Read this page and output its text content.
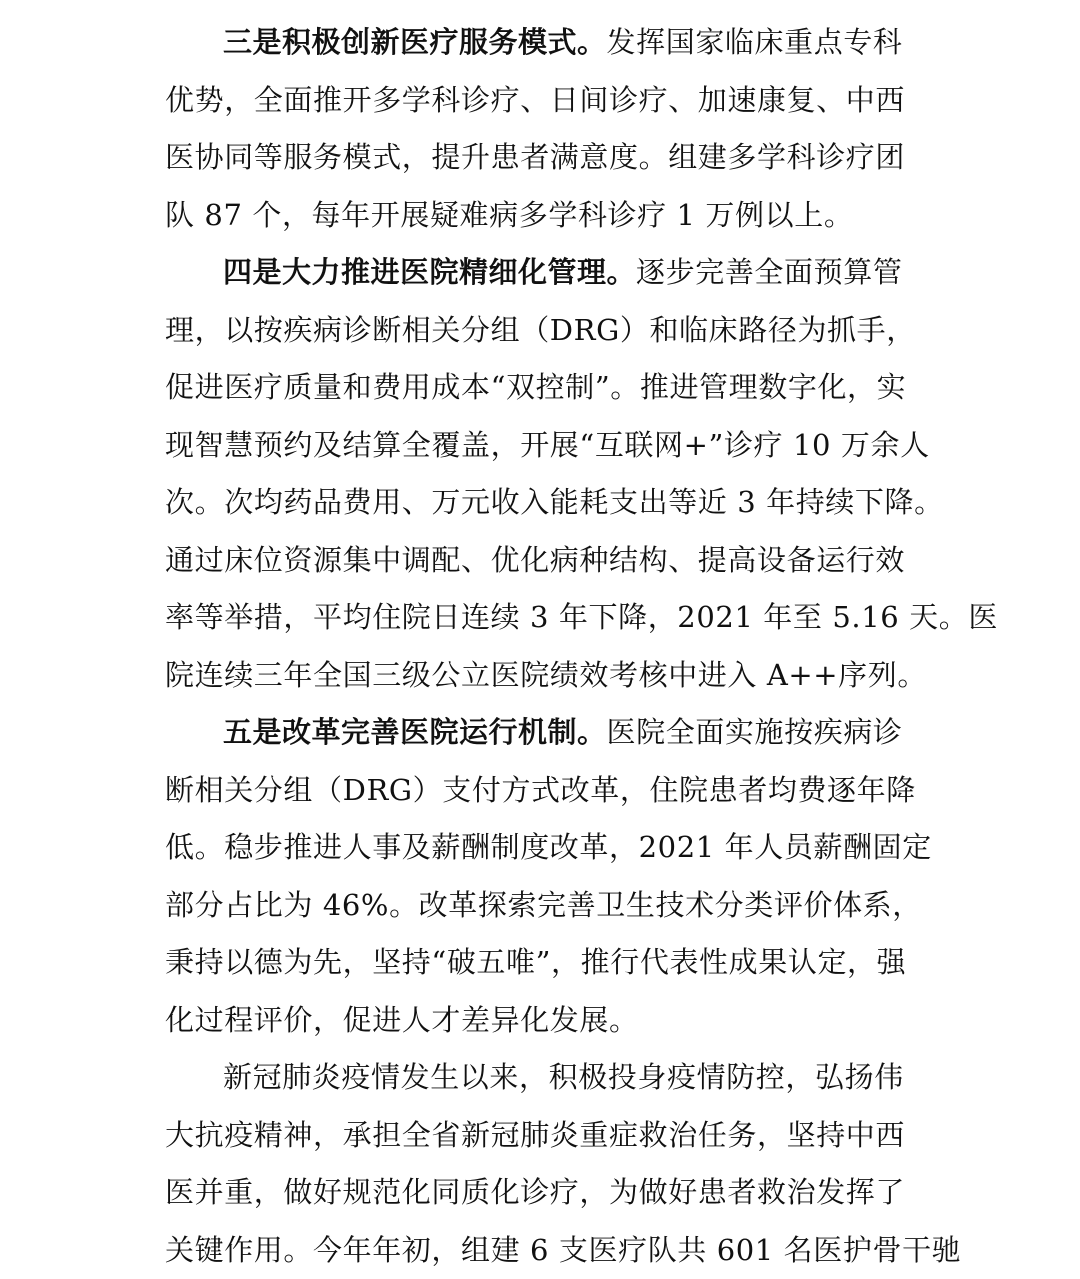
三是积极创新医疗服务模式。发挥国家临床重点专科
优势，全面推开多学科诊疗、日间诊疗、加速康复、中西
医协同等服务模式，提升患者满意度。组建多学科诊疗团
队 87 个，每年开展疑难病多学科诊疗 1 万例以上。
四是大力推进医院精细化管理。逐步完善全面预算管
理，以按疾病诊断相关分组（DRG）和临床路径为抓手，
促进医疗质量和费用成本“双控制”。推进管理数字化，实
现智慧预约及结算全覆盖，开展“互联网+”诊疗 10 万余人
次。次均药品费用、万元收入能耗支出等近 3 年持续下降。
通过床位资源集中调配、优化病种结构、提高设备运行效
率等举措，平均住院日连续 3 年下降，2021 年至 5.16 天。医
院连续三年全国三级公立医院绩效考核中进入 A++序列。
五是改革完善医院运行机制。医院全面实施按疾病诊
断相关分组（DRG）支付方式改革，住院患者均费逐年降
低。稳步推进人事及薪酬制度改革，2021 年人员薪酬固定
部分占比为 46%。改革探索完善卫生技术分类评价体系，
秉持以德为先，坚持“破五唯”，推行代表性成果认定，强
化过程评价，促进人才差异化发展。
新冠肺炎疫情发生以来，积极投身疫情防控，弘扬伟
大抗疫精神，承担全省新冠肺炎重症救治任务，坚持中西
医并重，做好规范化同质化诊疗，为做好患者救治发挥了
关键作用。今年年初，组建 6 支医疗队共 601 名医护骨干驰
